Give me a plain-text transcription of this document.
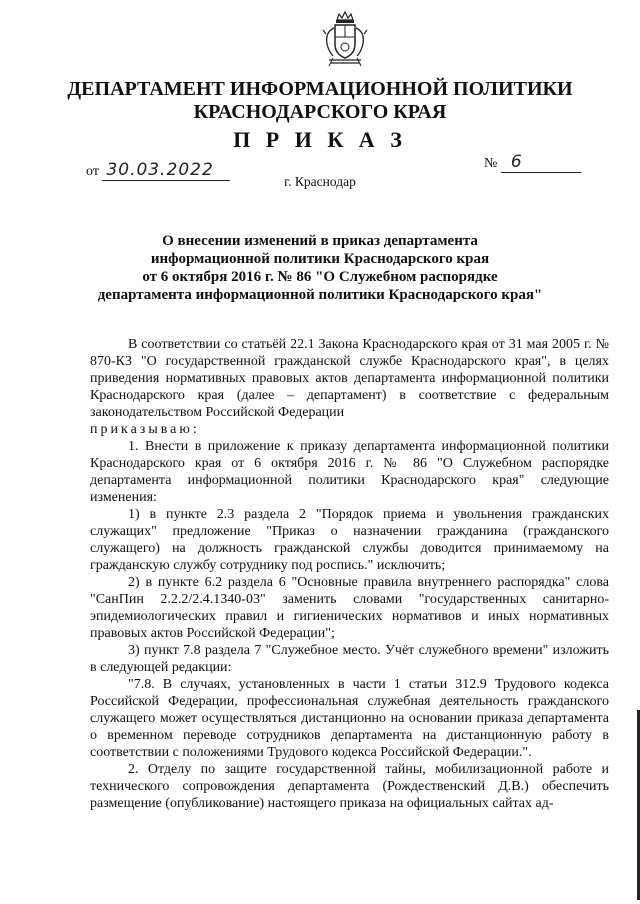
ДЕПАРТАМЕНТ ИНФОРМАЦИОННОЙ ПОЛИТИКИ
КРАСНОДАРСКОГО КРАЯ
П Р И К А З
от 30.03.2022	№ 6
г. Краснодар
О внесении изменений в приказ департамента
информационной политики Краснодарского края
от 6 октября 2016 г. № 86 "О Служебном распорядке
департамента информационной политики Краснодарского края"

В соответствии со статьёй 22.1 Закона Краснодарского края от 31 мая 2005 г. № 870-КЗ "О государственной гражданской службе Краснодарского края", в целях приведения нормативных правовых актов департамента информационной политики Краснодарского края (далее – департамент) в соответствие с федеральным законодательством Российской Федерации

приказываю:

1. Внести в приложение к приказу департамента информационной политики Краснодарского края от 6 октября 2016 г. № 86 "О Служебном распорядке департамента информационной политики Краснодарского края" следующие изменения:

1) в пункте 2.3 раздела 2 "Порядок приема и увольнения гражданских служащих" предложение "Приказ о назначении гражданина (гражданского служащего) на должность гражданской службы доводится принимаемому на гражданскую службу сотруднику под роспись." исключить;

2) в пункте 6.2 раздела 6 "Основные правила внутреннего распорядка" слова "СанПин 2.2.2/2.4.1340-03" заменить словами "государственных санитарно-эпидемиологических правил и гигиенических нормативов и иных нормативных правовых актов Российской Федерации";

3) пункт 7.8 раздела 7 "Служебное место. Учёт служебного времени" изложить в следующей редакции:

"7.8. В случаях, установленных в части 1 статьи 312.9 Трудового кодекса Российской Федерации, профессиональная служебная деятельность гражданского служащего может осуществляться дистанционно на основании приказа департамента о временном переводе сотрудников департамента на дистанционную работу в соответствии с положениями Трудового кодекса Российской Федерации.".

2. Отделу по защите государственной тайны, мобилизационной работе и технического сопровождения департамента (Рождественский Д.В.) обеспечить размещение (опубликование) настоящего приказа на официальных сайтах ад-
